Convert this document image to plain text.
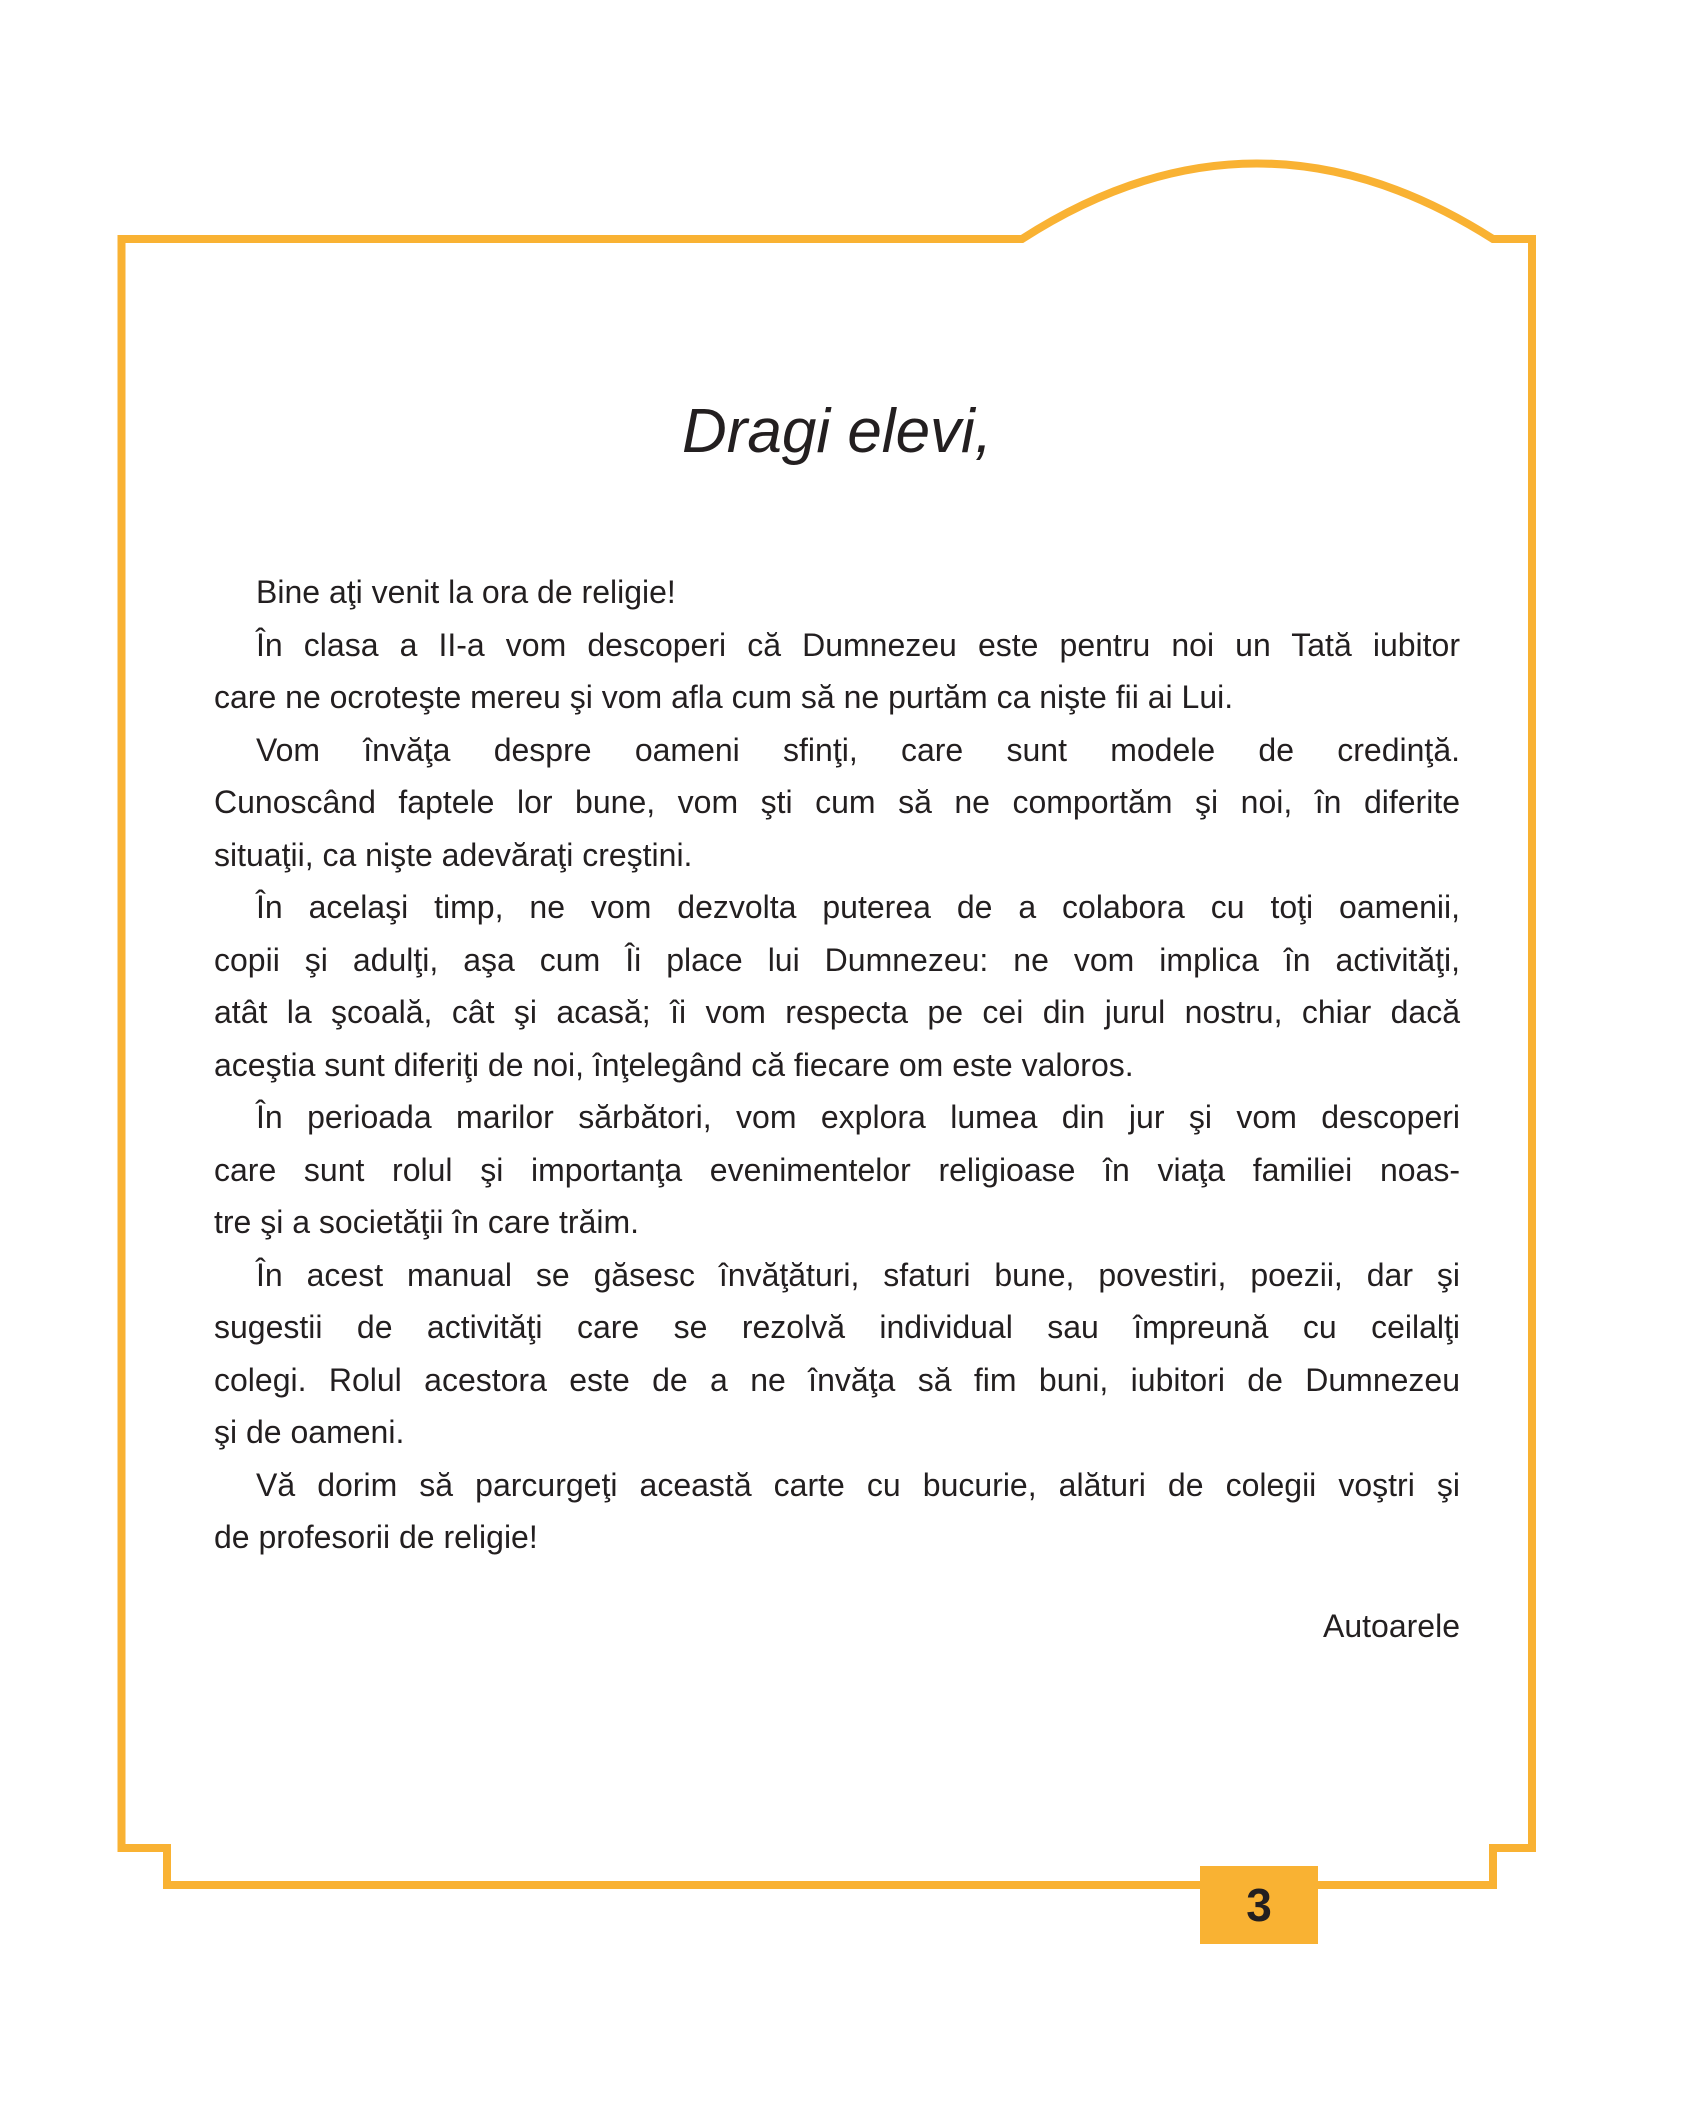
Dragi elevi,
Bine aţi venit la ora de religie!
În clasa a II-a vom descoperi că Dumnezeu este pentru noi un Tată iubitor
care ne ocroteşte mereu şi vom afla cum să ne purtăm ca nişte fii ai Lui.
Vom învăţa despre oameni sfinţi, care sunt modele de credinţă.
Cunoscând faptele lor bune, vom şti cum să ne comportăm şi noi, în diferite
situaţii, ca nişte adevăraţi creştini.
În acelaşi timp, ne vom dezvolta puterea de a colabora cu toţi oamenii,
copii şi adulţi, aşa cum Îi place lui Dumnezeu: ne vom implica în activităţi,
atât la şcoală, cât şi acasă; îi vom respecta pe cei din jurul nostru, chiar dacă
aceştia sunt diferiţi de noi, înţelegând că fiecare om este valoros.
În perioada marilor sărbători, vom explora lumea din jur şi vom descoperi
care sunt rolul şi importanţa evenimentelor religioase în viaţa familiei noas-
tre şi a societăţii în care trăim.
În acest manual se găsesc învăţături, sfaturi bune, povestiri, poezii, dar şi
sugestii de activităţi care se rezolvă individual sau împreună cu ceilalţi
colegi. Rolul acestora este de a ne învăţa să fim buni, iubitori de Dumnezeu
şi de oameni.
Vă dorim să parcurgeţi această carte cu bucurie, alături de colegii voştri şi
de profesorii de religie!
Autoarele
3
